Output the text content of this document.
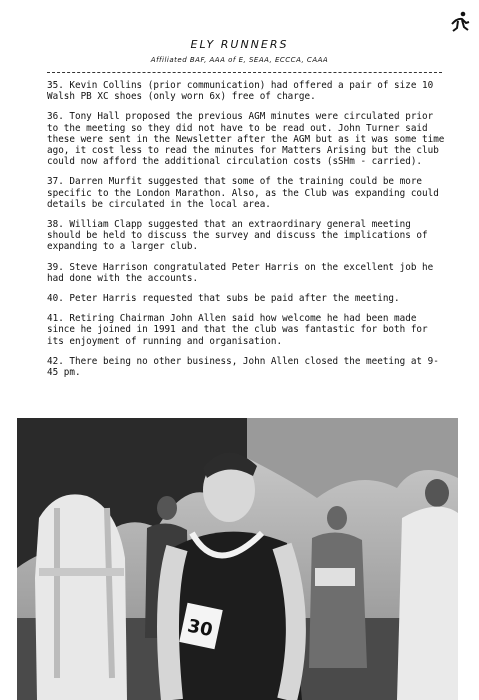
ELY RUNNERS
Affiliated BAF, AAA of E, SEAA, ECCCA, CAAA

35. Kevin Collins (prior communication) had offered a pair of size 10 Walsh PB XC shoes (only worn 6x) free of charge.

36. Tony Hall proposed the previous AGM minutes were circulated prior to the meeting so they did not have to be read out. John Turner said these were sent in the Newsletter after the AGM but as it was some time ago, it cost less to read the minutes for Matters Arising but the club could now afford the additional circulation costs (sSHm - carried).

37. Darren Murfit suggested that some of the training could be more specific to the London Marathon. Also, as the Club was expanding could details be circulated in the local area.

38. William Clapp suggested that an extraordinary general meeting should be held to discuss the survey and discuss the implications of expanding to a larger club.

39. Steve Harrison congratulated Peter Harris on the excellent job he had done with the accounts.

40. Peter Harris requested that subs be paid after the meeting.

41. Retiring Chairman John Allen said how welcome he had been made since he joined in 1991 and that the club was fantastic for both for its enjoyment of running and organisation.

42. There being no other business, John Allen closed the meeting at 9-45 pm.

30
